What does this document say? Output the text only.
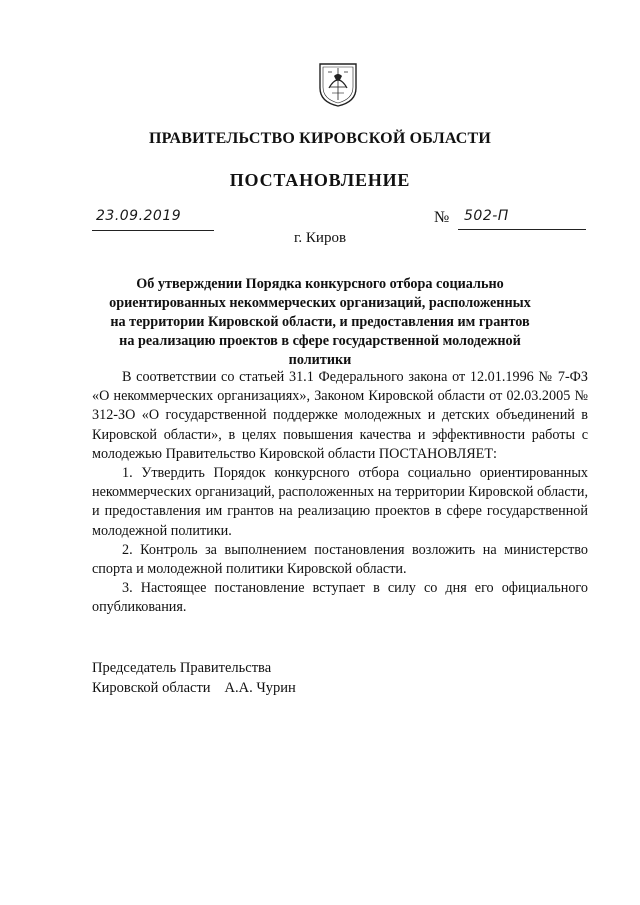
ПРАВИТЕЛЬСТВО КИРОВСКОЙ ОБЛАСТИ
ПОСТАНОВЛЕНИЕ
23.09.2019	№ 502-П
г. Киров
Об утверждении Порядка конкурсного отбора социально
ориентированных некоммерческих организаций, расположенных
на территории Кировской области, и предоставления им грантов
на реализацию проектов в сфере государственной молодежной политики

В соответствии со статьей 31.1 Федерального закона от 12.01.1996 № 7-ФЗ «О некоммерческих организациях», Законом Кировской области от 02.03.2005 № 312-ЗО «О государственной поддержке молодежных и детских объединений в Кировской области», в целях повышения качества и эффективности работы с молодежью Правительство Кировской области ПОСТАНОВЛЯЕТ:

1. Утвердить Порядок конкурсного отбора социально ориентированных некоммерческих организаций, расположенных на территории Кировской области, и предоставления им грантов на реализацию проектов в сфере государственной молодежной политики.

2. Контроль за выполнением постановления возложить на министерство спорта и молодежной политики Кировской области.

3. Настоящее постановление вступает в силу со дня его официального опубликования.

Председатель Правительства
Кировской области А.А. Чурин
